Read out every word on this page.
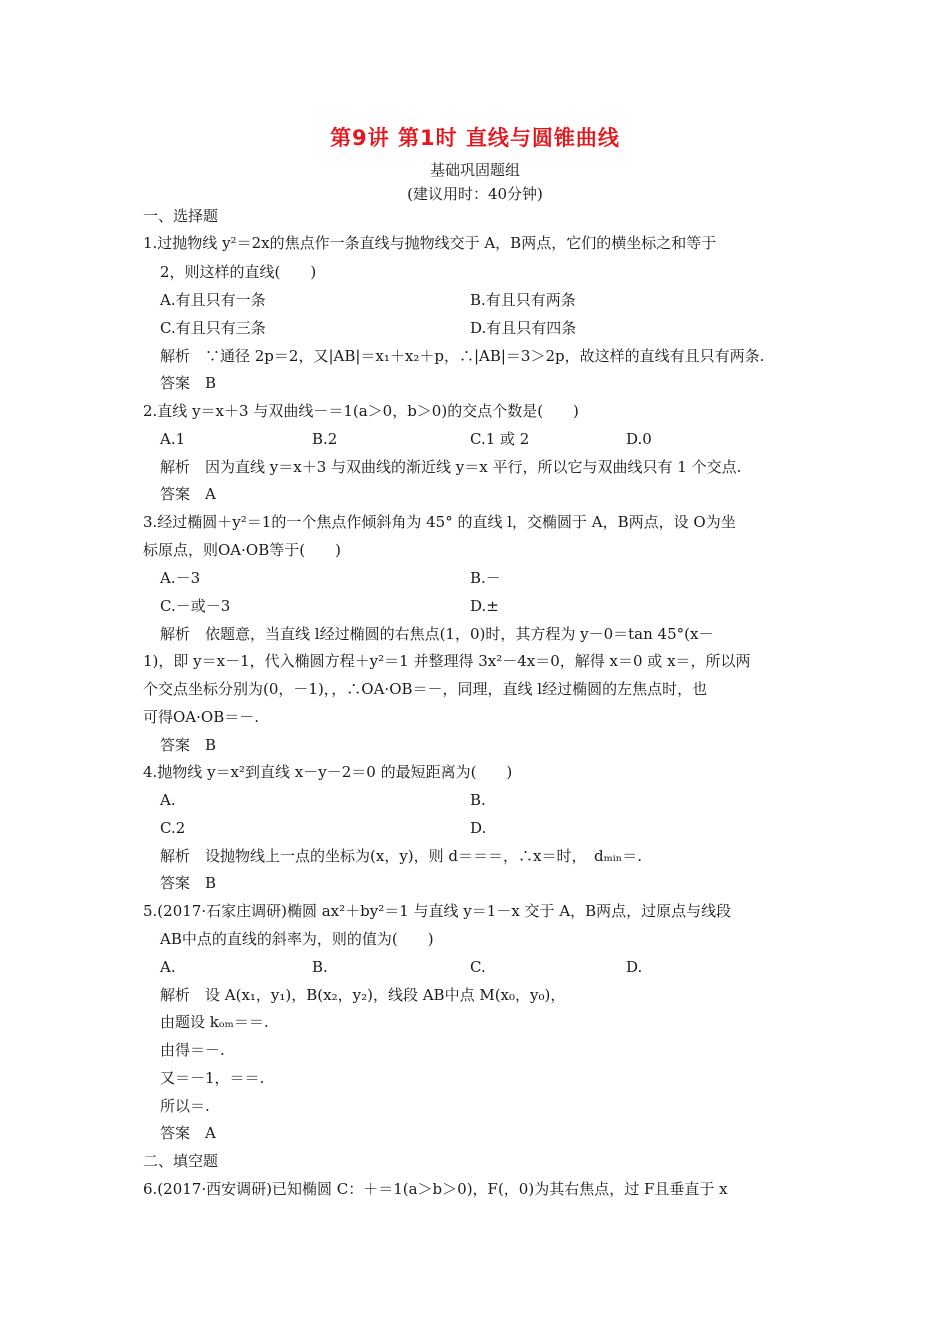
第9讲 第1时 直线与圆锥曲线
基础巩固题组
(建议用时：40分钟)
一、选择题
1.过抛物线 y²＝2x的焦点作一条直线与抛物线交于 A，B两点，它们的横坐标之和等于
2，则这样的直线(　　)
A.有且只有一条	B.有且只有两条
C.有且只有三条	D.有且只有四条
解析　∵通径 2p＝2，又|AB|＝x₁＋x₂＋p，∴|AB|＝3＞2p，故这样的直线有且只有两条.
答案　B
2.直线 y＝x＋3 与双曲线－＝1(a＞0，b＞0)的交点个数是(　　)
A.1	B.2	C.1 或 2	D.0
解析　因为直线 y＝x＋3 与双曲线的渐近线 y＝x 平行，所以它与双曲线只有 1 个交点.
答案　A
3.经过椭圆＋y²＝1的一个焦点作倾斜角为 45° 的直线 l，交椭圆于 A，B两点，设 O为坐
标原点，则OA·OB等于(　　)
A.－3	B.－
C.－或－3	D.±
解析　依题意，当直线 l经过椭圆的右焦点(1，0)时，其方程为 y－0＝tan 45°(x－
1)，即 y＝x－1，代入椭圆方程＋y²＝1 并整理得 3x²－4x＝0，解得 x＝0 或 x＝，所以两
个交点坐标分别为(0，－1)，，∴OA·OB＝－，同理，直线 l经过椭圆的左焦点时，也
可得OA·OB＝－.
答案　B
4.抛物线 y＝x²到直线 x－y－2＝0 的最短距离为(　　)
A.	B.
C.2	D.
解析　设抛物线上一点的坐标为(x，y)，则 d＝＝＝，∴x＝时，　dₘᵢₙ＝.
答案　B
5.(2017·石家庄调研)椭圆 ax²＋by²＝1 与直线 y＝1－x 交于 A，B两点，过原点与线段
AB中点的直线的斜率为，则的值为(　　)
A.	B.	C.	D.
解析　设 A(x₁，y₁)，B(x₂，y₂)，线段 AB中点 M(x₀，y₀)，
由题设 kₒₘ＝＝.
由得＝－.
又＝－1，＝＝.
所以＝.
答案　A
二、填空题
6.(2017·西安调研)已知椭圆 C：＋＝1(a＞b＞0)，F(，0)为其右焦点，过 F且垂直于 x
